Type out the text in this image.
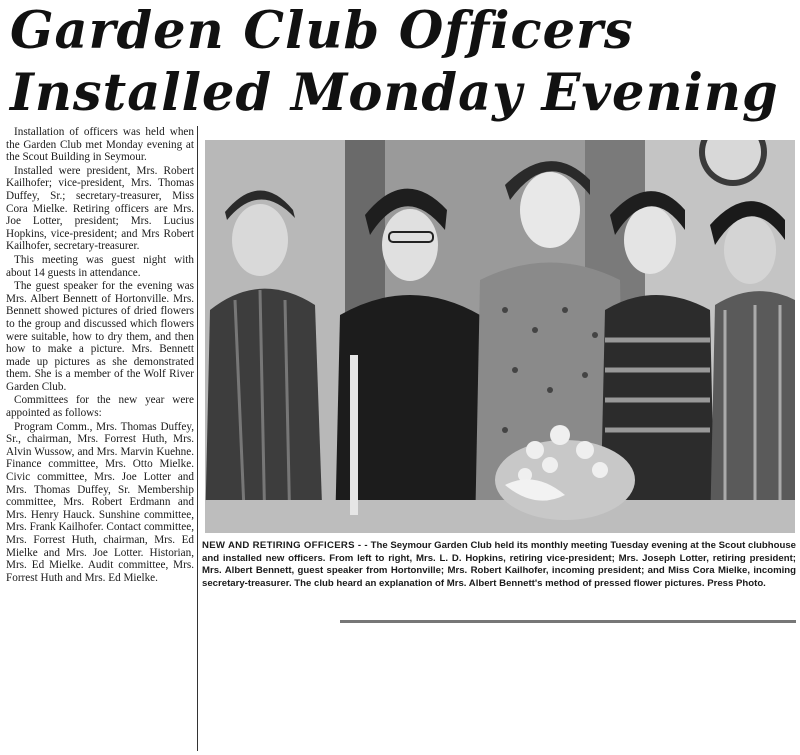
Garden Club Officers
Installed Monday Evening

Installation of officers was held when the Garden Club met Monday evening at the Scout Building in Seymour.

Installed were president, Mrs. Robert Kailhofer; vice-president, Mrs. Thomas Duffey, Sr.; secretary-treasurer, Miss Cora Mielke. Retiring officers are Mrs. Joe Lotter, president; Mrs. Lucius Hopkins, vice-president; and Mrs Robert Kailhofer, secretary-treasurer.

This meeting was guest night with about 14 guests in attendance.

The guest speaker for the evening was Mrs. Albert Bennett of Hortonville. Mrs. Bennett showed pictures of dried flowers to the group and discussed which flowers were suitable, how to dry them, and then how to make a picture. Mrs. Bennett made up pictures as she demonstrated them. She is a member of the Wolf River Garden Club.

Committees for the new year were appointed as follows:

Program Comm., Mrs. Thomas Duffey, Sr., chairman, Mrs. Forrest Huth, Mrs. Alvin Wussow, and Mrs. Marvin Kuehne. Finance committee, Mrs. Otto Mielke. Civic committee, Mrs. Joe Lotter and Mrs. Thomas Duffey, Sr. Membership committee, Mrs. Robert Erdmann and Mrs. Henry Hauck. Sunshine committee, Mrs. Frank Kailhofer. Contact committee, Mrs. Forrest Huth, chairman, Mrs. Ed Mielke and Mrs. Joe Lotter. Historian, Mrs. Ed Mielke. Audit committee, Mrs. Forrest Huth and Mrs. Ed Mielke.

NEW AND RETIRING OFFICERS - - The Seymour Garden Club held its monthly meeting Tuesday evening at the Scout clubhouse and installed new officers. From left to right, Mrs. L. D. Hopkins, retiring vice-president; Mrs. Joseph Lotter, retiring president; Mrs. Albert Bennett, guest speaker from Hortonville; Mrs. Robert Kailhofer, incoming president; and Miss Cora Mielke, incoming secretary-treasurer. The club heard an explanation of Mrs. Albert Bennett's method of pressed flower pictures. Press Photo.
